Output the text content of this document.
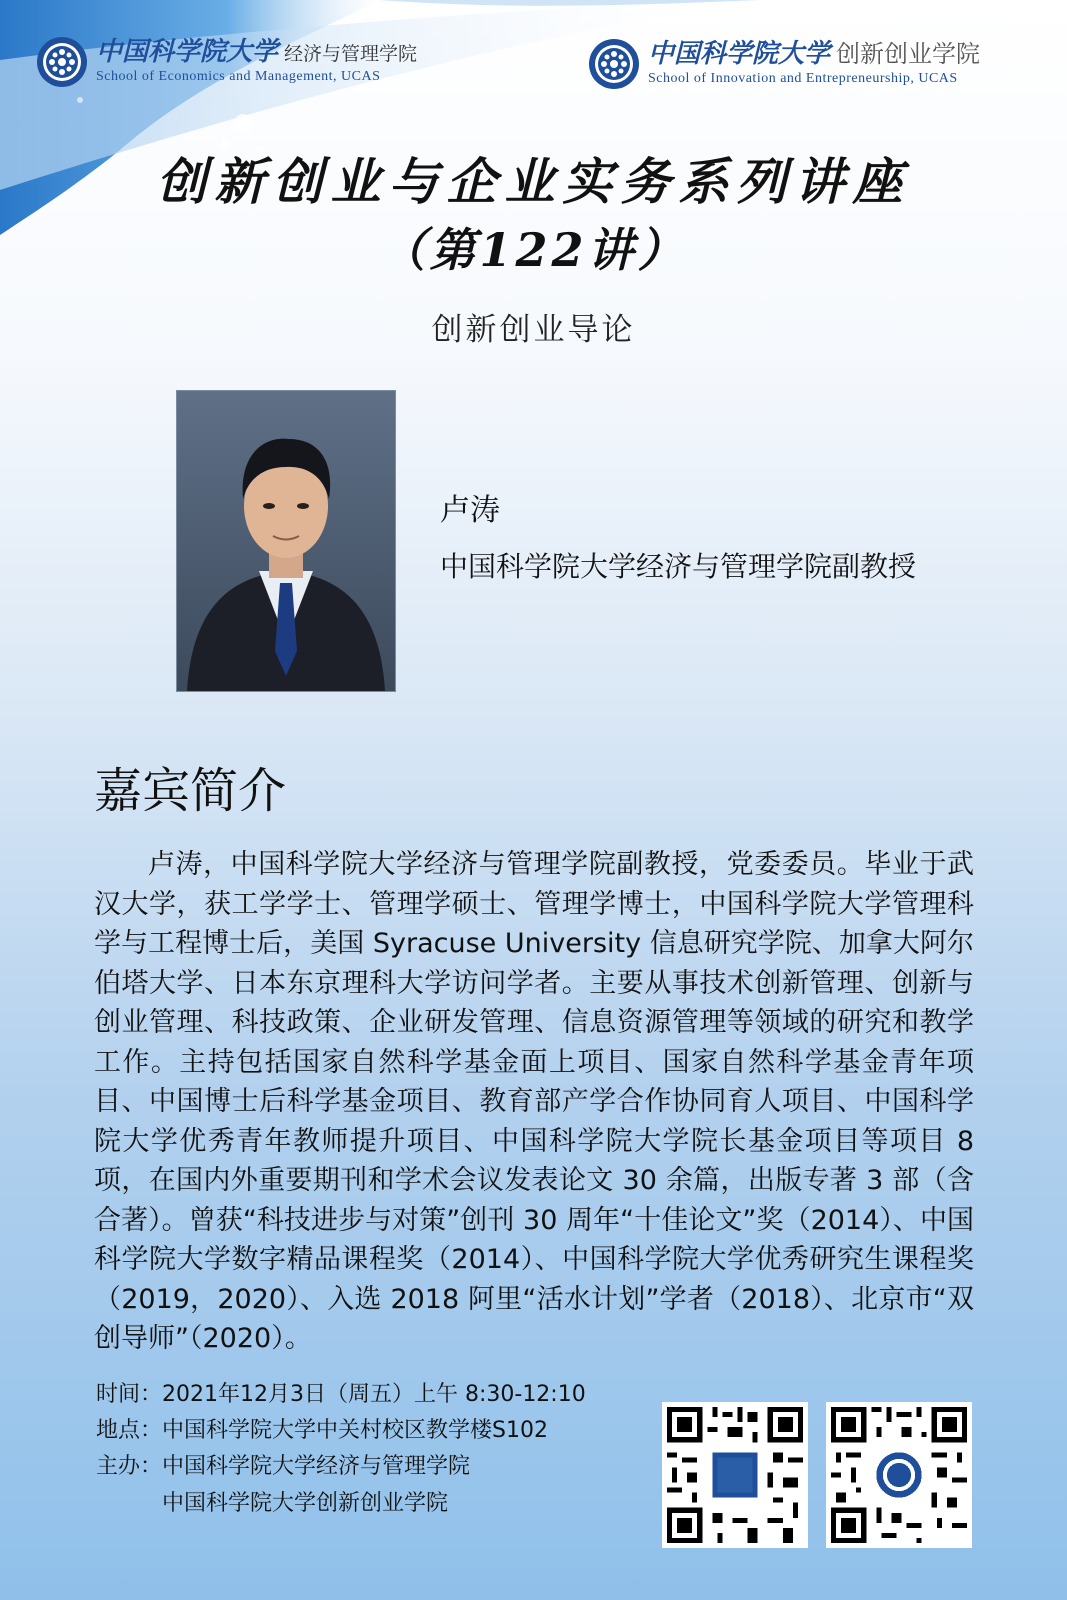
中国科学院大学 经济与管理学院
School of Economics and Management, UCAS
中国科学院大学 创新创业学院
School of Innovation and Entrepreneurship, UCAS
创新创业与企业实务系列讲座
（第122讲）
创新创业导论
卢涛
中国科学院大学经济与管理学院副教授
嘉宾简介
卢涛，中国科学院大学经济与管理学院副教授，党委委员。毕业于武汉大学，获工学学士、管理学硕士、管理学博士，中国科学院大学管理科学与工程博士后，美国 Syracuse University 信息研究学院、加拿大阿尔伯塔大学、日本东京理科大学访问学者。主要从事技术创新管理、创新与创业管理、科技政策、企业研发管理、信息资源管理等领域的研究和教学工作。主持包括国家自然科学基金面上项目、国家自然科学基金青年项目、中国博士后科学基金项目、教育部产学合作协同育人项目、中国科学院大学优秀青年教师提升项目、中国科学院大学院长基金项目等项目 8 项，在国内外重要期刊和学术会议发表论文 30 余篇，出版专著 3 部（含合著）。曾获“科技进步与对策”创刊 30 周年“十佳论文”奖（2014）、中国科学院大学数字精品课程奖（2014）、中国科学院大学优秀研究生课程奖（2019，2020）、入选 2018 阿里“活水计划”学者（2018）、北京市“双创导师”（2020）。
时间：2021年12月3日（周五）上午 8:30-12:10
地点：中国科学院大学中关村校区教学楼S102
主办：中国科学院大学经济与管理学院
中国科学院大学创新创业学院
